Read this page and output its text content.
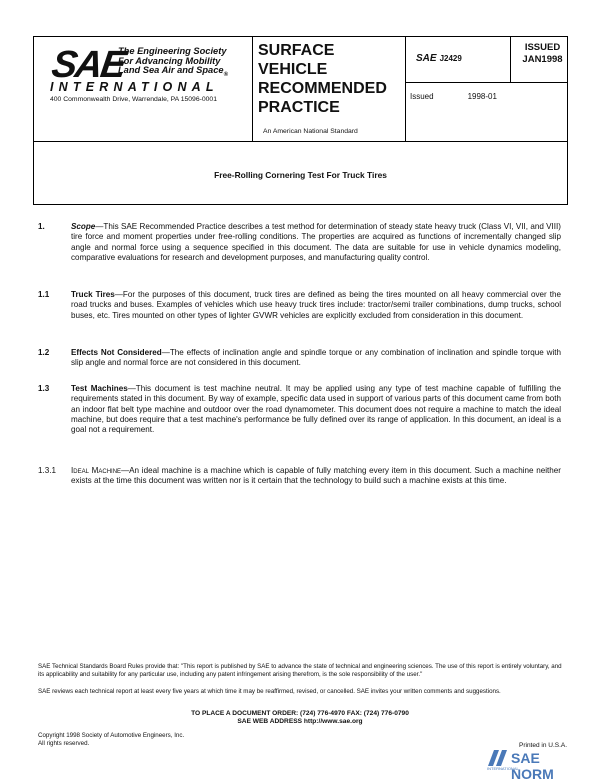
SAE
The Engineering Society
For Advancing Mobility
Land Sea Air and Space$_®$
INTERNATIONAL
400 Commonwealth Drive, Warrendale, PA 15096-0001
SURFACE
VEHICLE
RECOMMENDED
PRACTICE
An American National Standard
SAE J2429
ISSUED
JAN1998
Issued	1998-01
Free-Rolling Cornering Test For Truck Tires
1.	Scope—This SAE Recommended Practice describes a test method for determination of steady state heavy truck (Class VI, VII, and VIII) tire force and moment properties under free-rolling conditions. The properties are acquired as functions of incrementally changed slip angle and normal force using a sequence specified in this document. The data are suitable for use in vehicle dynamics modeling, comparative evaluations for research and development purposes, and manufacturing quality control.
1.1	Truck Tires—For the purposes of this document, truck tires are defined as being the tires mounted on all heavy commercial over the road trucks and buses. Examples of vehicles which use heavy truck tires include: tractor/semi trailer combinations, dump trucks, school buses, etc. Tires mounted on other types of lighter GVWR vehicles are explicitly excluded from consideration in this document.
1.2	Effects Not Considered—The effects of inclination angle and spindle torque or any combination of inclination and spindle torque with slip angle and normal force are not considered in this document.
1.3	Test Machines—This document is test machine neutral. It may be applied using any type of test machine capable of fulfilling the requirements stated in this document. By way of example, specific data used in support of various parts of this document came from both an indoor flat belt type machine and outdoor over the road dynamometer. This document does not require a machine to match the ideal machine, but does require that a test machine's performance be fully defined over its range of application. In this document, an ideal is a goal not a requirement.
1.3.1 Ideal Machine—An ideal machine is a machine which is capable of fully matching every item in this document. Such a machine neither exists at the time this document was written nor is it certain that the technology to build such a machine exists at this time.
SAE Technical Standards Board Rules provide that: "This report is published by SAE to advance the state of technical and engineering sciences. The use of this report is entirely voluntary, and its applicability and suitability for any particular use, including any patent infringement arising therefrom, is the sole responsibility of the user."
SAE reviews each technical report at least every five years at which time it may be reaffirmed, revised, or cancelled. SAE invites your written comments and suggestions.
TO PLACE A DOCUMENT ORDER: (724) 776-4970 FAX: (724) 776-0790
SAE WEB ADDRESS http://www.sae.org
Copyright 1998 Society of Automotive Engineers, Inc.
All rights reserved.	Printed in U.S.A.
SAE NORM
INTERNATIONAL
